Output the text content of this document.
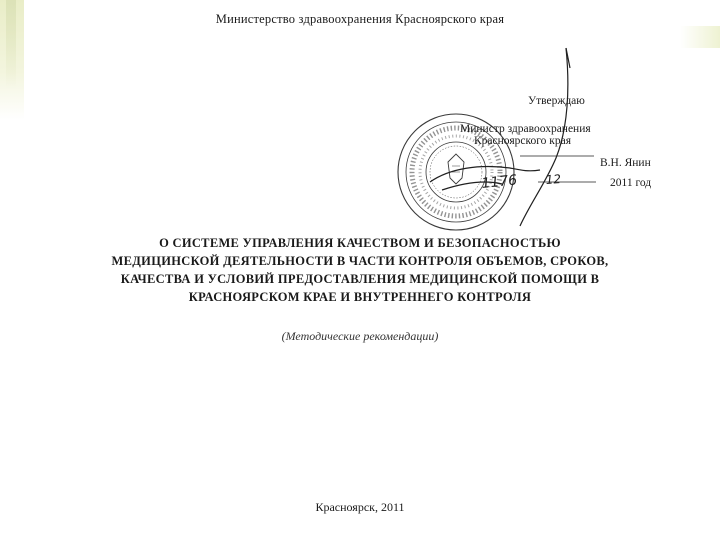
Министерство здравоохранения Красноярского края
1176 12
Утверждаю
Министр здравоохранения
Красноярского края
В.Н. Янин
2011 год
О СИСТЕМЕ УПРАВЛЕНИЯ КАЧЕСТВОМ И БЕЗОПАСНОСТЬЮ
МЕДИЦИНСКОЙ ДЕЯТЕЛЬНОСТИ В ЧАСТИ КОНТРОЛЯ ОБЪЕМОВ, СРОКОВ,
КАЧЕСТВА И УСЛОВИЙ ПРЕДОСТАВЛЕНИЯ МЕДИЦИНСКОЙ ПОМОЩИ В
КРАСНОЯРСКОМ КРАЕ И ВНУТРЕННЕГО КОНТРОЛЯ
(Методические рекомендации)
Красноярск, 2011
